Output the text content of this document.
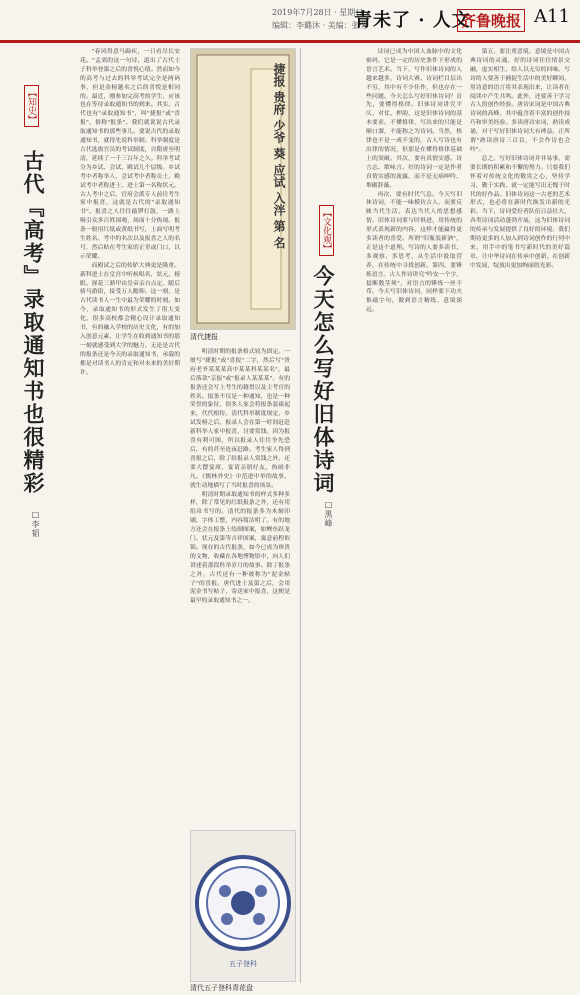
2019年7月28日 · 星期日
编辑：李璐沐 · 美编：张劳
青未了 · 人文
齐鲁晚报 A11
【知史】
古代『高考』录取通知书也很精彩
□李韬

"春风得意马蹄疾，一日看尽长安花。"孟郊的这一句诗，道出了古代士子科举登第之后的喜悦心情。然而如今的高考与过去的科举考试完全是两码事，但是金榜题名之后的喜悦是相同的。最近，刚参加完高考的学生，应该也在等待录取通知书的到来。其实，古代也有"录取通知书"，叫"捷报"或"喜报"，俗称"报条"。我们就说说古代录取通知书的那些事儿。要说古代的录取通知书，就得先说科举制。科举制度是古代选拔官员的考试制度，自隋唐至明清，延续了一千三百年之久。科举考试分为乡试、会试、殿试几个层级。乡试考中者称举人，会试考中者称贡士，殿试考中者称进士，进士第一名称状元。古人考中之后，官府会派专人前往考生家中报喜，这就是古代的"录取通知书"。报喜之人往往敲锣打鼓，一路上吸引众多百姓围观，场面十分热闹。报条一般用红纸或黄纸书写，上面写明考生姓名、考中的名次以及报喜之人的名号，然后贴在考生家的正堂或门口，以示荣耀。

而殿试之后的传胪大典更是隆重。新科进士在皇宫中听候唱名，状元、榜眼、探花三鼎甲由皇帝亲自点定，随后骑马游街，接受万人瞻仰。这一刻，是古代读书人一生中最为荣耀的时刻。如今，录取通知书的形式发生了很大变化，很多高校都会精心设计录取通知书，有的融入学校的历史文化，有的加入创意元素，让学生在收到通知书的那一刻就感受到大学的魅力。无论是古代的报条还是今天的录取通知书，承载的都是对读书人的肯定和对未来的美好期许。

明清时期的报条格式较为固定。一般写"捷报"或"喜报"二字，然后写"贵府老爷某某某高中某某科某某名"，最后落款"京报"或"报录人某某某"。有的报条还会写上考生的籍贯以及主考官的姓名。报条不仅是一种通知，也是一种荣誉的象征，很多人家会将报条装裱起来，代代相传。清代科举制度规定，乡试发榜之后，报录人会在第一时间赶赴新科举人家中报喜，讨要赏钱。因为报喜有利可图，所以报录人往往争先恐后，有的甚至连夜赶路。考生家人得到喜报之后，除了给报录人赏钱之外，还要大摆宴席，宴请亲朋好友，热闹非凡。《儒林外史》中范进中举的故事，就生动地描写了当时报喜的场景。

明清时期录取通知书的样式多种多样，除了常见的红纸报条之外，还有用绢帛书写的。清代的报条多为木刻印刷，字体工整，内容简洁明了。有的地方还会在报条上绘制图案，如鲤鱼跃龙门、状元及第等吉祥图案，寓意前程似锦。现存的古代报条，如今已成为珍贵的文物，收藏在各地博物馆中，向人们讲述着那段科举岁月的故事。除了报条之外，古代还有一种被称为"泥金帖子"的喜报。唐代进士及第之后，会用泥金书写帖子，寄送家中报喜，这便是最早的录取通知书之一。

捷报 贵府 少爷 葵 应试 入泮 第 名
清代捷报
五子登科
清代五子登科青花盘
【文化观】
今天怎么写好旧体诗词
□黑峰

诗词已成为中国人血脉中的文化密码，它是一定的历史条件下形成的语言艺术。当下，写作旧体诗词的人越来越多，诗词大赛、诗词栏目层出不穷，其中有不少佳作，但也存在一些问题。今天怎么写好旧体诗词？首先，要懂得格律。旧体诗词讲究平仄、对仗、押韵，这是旧体诗词的基本要求。不懂格律，写出来的只能是顺口溜，不能称之为诗词。当然，格律也不是一成不变的，古人写诗也有出律的情况，但那是在懂得格律基础上的突破。其次，要有真情实感。诗言志，歌咏言。好的诗词一定是作者真情实感的流露，而不是无病呻吟、堆砌辞藻。

再次，要有时代气息。今天写旧体诗词，不能一味模仿古人，而要反映当代生活，表达当代人的思想感情。旧体诗词要与时俱进，用传统的形式表现新的内容，这样才能赢得更多读者的喜爱。所谓"旧瓶装新酒"，正是这个道理。写诗的人要多读书、多观察、多思考，从生活中汲取营养，在传统中寻找创新。第四，要锤炼语言。古人作诗讲究"吟安一个字，捻断数茎须"，对语言的锤炼一丝不苟。今天写旧体诗词，同样要下功夫推敲字句，做到语言精练、意境深远。

第五，要注重意境。意境是中国古典诗词的灵魂，好的诗词往往情景交融，虚实相生，给人以无穷的回味。写诗的人要善于捕捉生活中的美好瞬间，用诗意的语言将其表现出来，让读者在阅读中产生共鸣。此外，还要善于学习古人的创作经验。唐诗宋词是中国古典诗词的高峰，其中蕴含着丰富的创作技巧和审美经验。多读唐诗宋词，熟读成诵，对于写好旧体诗词大有裨益。正所谓"熟读唐诗三百首，不会作诗也会吟"。

总之，写好旧体诗词并非易事，需要长期的积累和不懈的努力。只要我们怀着对传统文化的敬畏之心，坚持学习，勤于实践，就一定能写出无愧于时代的好作品。旧体诗词这一古老的艺术形式，也必将在新时代焕发出新的光彩。当下，诗词爱好者队伍日益壮大，各类诗词活动蓬勃开展，这为旧体诗词的传承与发展提供了良好的环境。我们期待更多的人加入到诗词创作的行列中来，用手中的笔书写新时代的美好篇章，让中华诗词在传承中创新，在创新中发展，绽放出更加绚丽的光彩。
